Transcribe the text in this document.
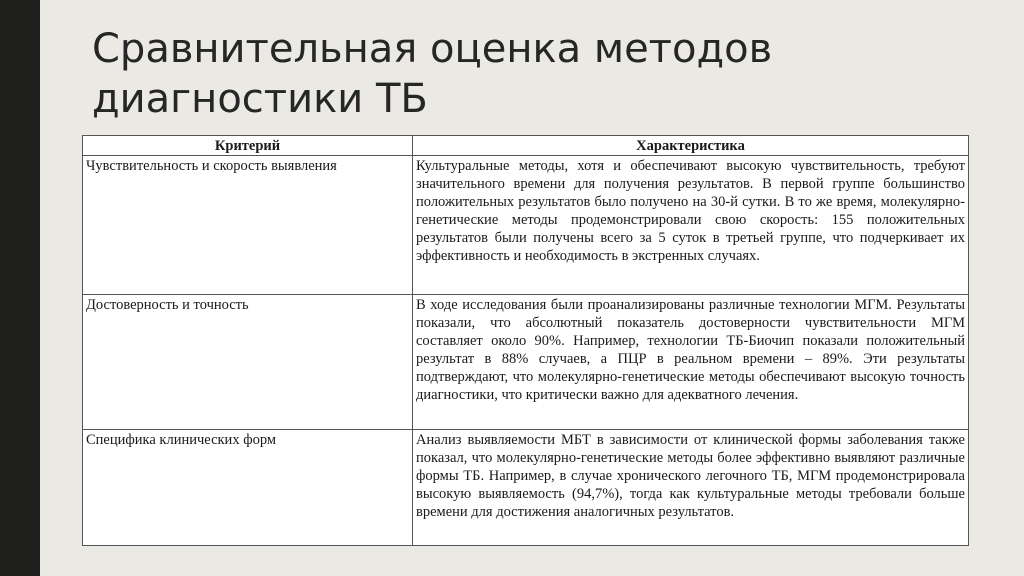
Сравнительная оценка методов
диагностики ТБ
Критерий	Характеристика
Чувствительность и скорость выявления	Культуральные методы, хотя и обеспечивают высокую чувствительность, требуют значительного времени для получения результатов. В первой группе большинство положительных результатов было получено на 30-й сутки. В то же время, молекулярно-генетические методы продемонстрировали свою скорость: 155 положительных результатов были получены всего за 5 суток в третьей группе, что подчеркивает их эффективность и необходимость в экстренных случаях.
Достоверность и точность	В ходе исследования были проанализированы различные технологии МГМ. Результаты показали, что абсолютный показатель достоверности чувствительности МГМ составляет около 90%. Например, технологии ТБ-Биочип показали положительный результат в 88% случаев, а ПЦР в реальном времени – 89%. Эти результаты подтверждают, что молекулярно-генетические методы обеспечивают высокую точность диагностики, что критически важно для адекватного лечения.
Специфика клинических форм	Анализ выявляемости МБТ в зависимости от клинической формы заболевания также показал, что молекулярно-генетические методы более эффективно выявляют различные формы ТБ. Например, в случае хронического легочного ТБ, МГМ продемонстрировала высокую выявляемость (94,7%), тогда как культуральные методы требовали больше времени для достижения аналогичных результатов.
